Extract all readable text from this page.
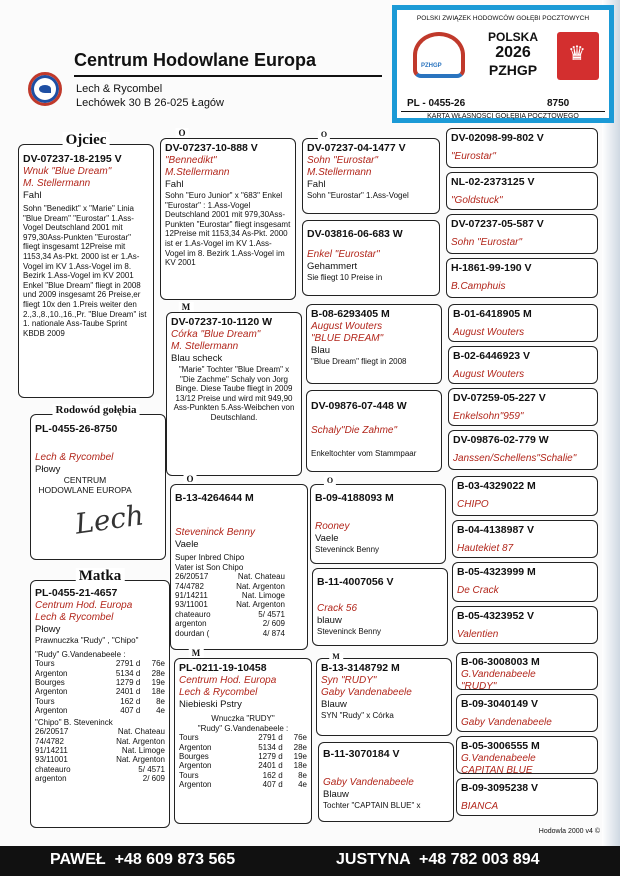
Centrum Hodowlane Europa
Lech & Rycombel
Lechówek 30 B 26-025 Łagów
POLSKI ZWIĄZEK HODOWCÓW GOŁĘBI POCZTOWYCH
PZHGP
POLSKA
2026
PZHGP
♛
PL - 0455-26	8750
KARTA WŁASNOŚCI GOŁĘBIA POCZTOWEGO
DV-07237-18-2195 V
Wnuk "Blue Dream"
M. Stellermann
Fahl
Sohn "Benedikt" x "Marie" Linia "Blue Dream" "Eurostar" 1.Ass-Vogel Deutschland 2001 mit 979,30Ass-Punkten "Eurostar" fliegt insgesamt 12Preise mit 1153,34 As-Pkt. 2000 ist er 1.As-Vogel im KV 1.Ass-Vogel im 8. Bezirk 1.Ass-Vogel im KV 2001 Enkel "Blue Dream" fliegt in 2008 und 2009 insgesamt 26 Preise,er fliegt 10x den 1.Preis weiter den 2.,3.,8.,10.,16.,Pr. "Blue Dream" ist 1. nationale Ass-Taube Sprint KBDB 2009
Ojciec
PL-0455-26-8750
Lech & Rycombel
Płowy
CENTRUM HODOWLANE EUROPA
Lech
Rodowód gołębia
PL-0455-21-4657
Centrum Hod. Europa
Lech & Rycombel
Płowy
Prawnuczka "Rudy" , "Chipo"
"Rudy" G.Vandenabeele :
Tours	2791 d	76e
Argenton	5134 d	28e
Bourges	1279 d	19e
Argenton	2401 d	18e
Tours	162 d	8e
Argenton	407 d	4e
"Chipo" B. Steveninck
26/20517	Nat. Chateau
74/4782	Nat. Argenton
91/14211	Nat. Limoge
93/11001	Nat. Argenton
chateauro	5/ 4571
argenton	2/ 609
Matka
DV-07237-10-888 V
"Bennedikt"
M.Stellermann
Fahl
Sohn "Euro Junior" x "683" Enkel "Eurostar" : 1.Ass-Vogel Deutschland 2001 mit 979,30Ass-Punkten "Eurostar" fliegt insgesamt 12Preise mit 1153,34 As-Pkt. 2000 ist er 1.As-Vogel im KV 1.Ass-Vogel im 8. Bezirk 1.Ass-Vogel im KV 2001
O
DV-07237-10-1120 W
Córka "Blue Dream"
M. Stellermann
Blau scheck
"Marie" Tochter "Blue Dream" x "Die Zachme" Schaly von Jorg Binge. Diese Taube fliegt in 2009 13/12 Preise und wird mit 949,90 Ass-Punkten 5.Ass-Weibchen von Deutschland.
M
B-13-4264644 M
Steveninck Benny
Vaele
Super Inbred Chipo
Vater ist Son Chipo
26/20517	Nat. Chateau
74/4782	Nat. Argenton
91/14211	Nat. Limoge
93/11001	Nat. Argenton
chateauro	5/ 4571
argenton	2/ 609
dourdan (	4/ 874
O
PL-0211-19-10458
Centrum Hod. Europa
Lech & Rycombel
Niebieski Pstry
Wnuczka "RUDY"
"Rudy" G.Vandenabeele :
Tours	2791 d	76e
Argenton	5134 d	28e
Bourges	1279 d	19e
Argenton	2401 d	18e
Tours	162 d	8e
Argenton	407 d	4e
M
DV-07237-04-1477 V
Sohn "Eurostar"
M.Stellermann
Fahl
Sohn "Eurostar" 1.Ass-Vogel
O
DV-03816-06-683 W
Enkel "Eurostar"
Gehammert
Sie fliegt 10 Preise in
B-08-6293405 M
August Wouters
"BLUE DREAM"
Blau
"Blue Dream" fliegt in 2008
DV-09876-07-448 W
Schaly"Die Zahme"
Enkeltochter vom Stammpaar
B-09-4188093 M
Rooney
Vaele
Steveninck Benny
O
B-11-4007056 V
Crack 56
blauw
Steveninck Benny
B-13-3148792 M
Syn "RUDY"
Gaby Vandenabeele
Blauw
SYN "Rudy" x Córka
M
B-11-3070184 V
Gaby Vandenabeele
Blauw
Tochter "CAPTAIN BLUE" x
DV-02098-99-802 V
"Eurostar"
NL-02-2373125 V
"Goldstuck"
DV-07237-05-587 V
Sohn "Eurostar"
H-1861-99-190 V
B.Camphuis
B-01-6418905 M
August Wouters
B-02-6446923 V
August Wouters
DV-07259-05-227 V
Enkelsohn"959"
DV-09876-02-779 W
Janssen/Schellens"Schalie"
B-03-4329022 M
CHIPO
B-04-4138987 V
Hautekiet 87
B-05-4323999 M
De Crack
B-05-4323952 V
Valentien
B-06-3008003 M
G.Vandenabeele
"RUDY"
B-09-3040149 V
Gaby Vandenabeele
B-05-3006555 M
G.Vandenabeele
CAPITAN BLUE
B-09-3095238 V
BIANCA
Hodowla 2000 v4 ©
PAWEŁ  +48 609 873 565	JUSTYNA  +48 782 003 894
